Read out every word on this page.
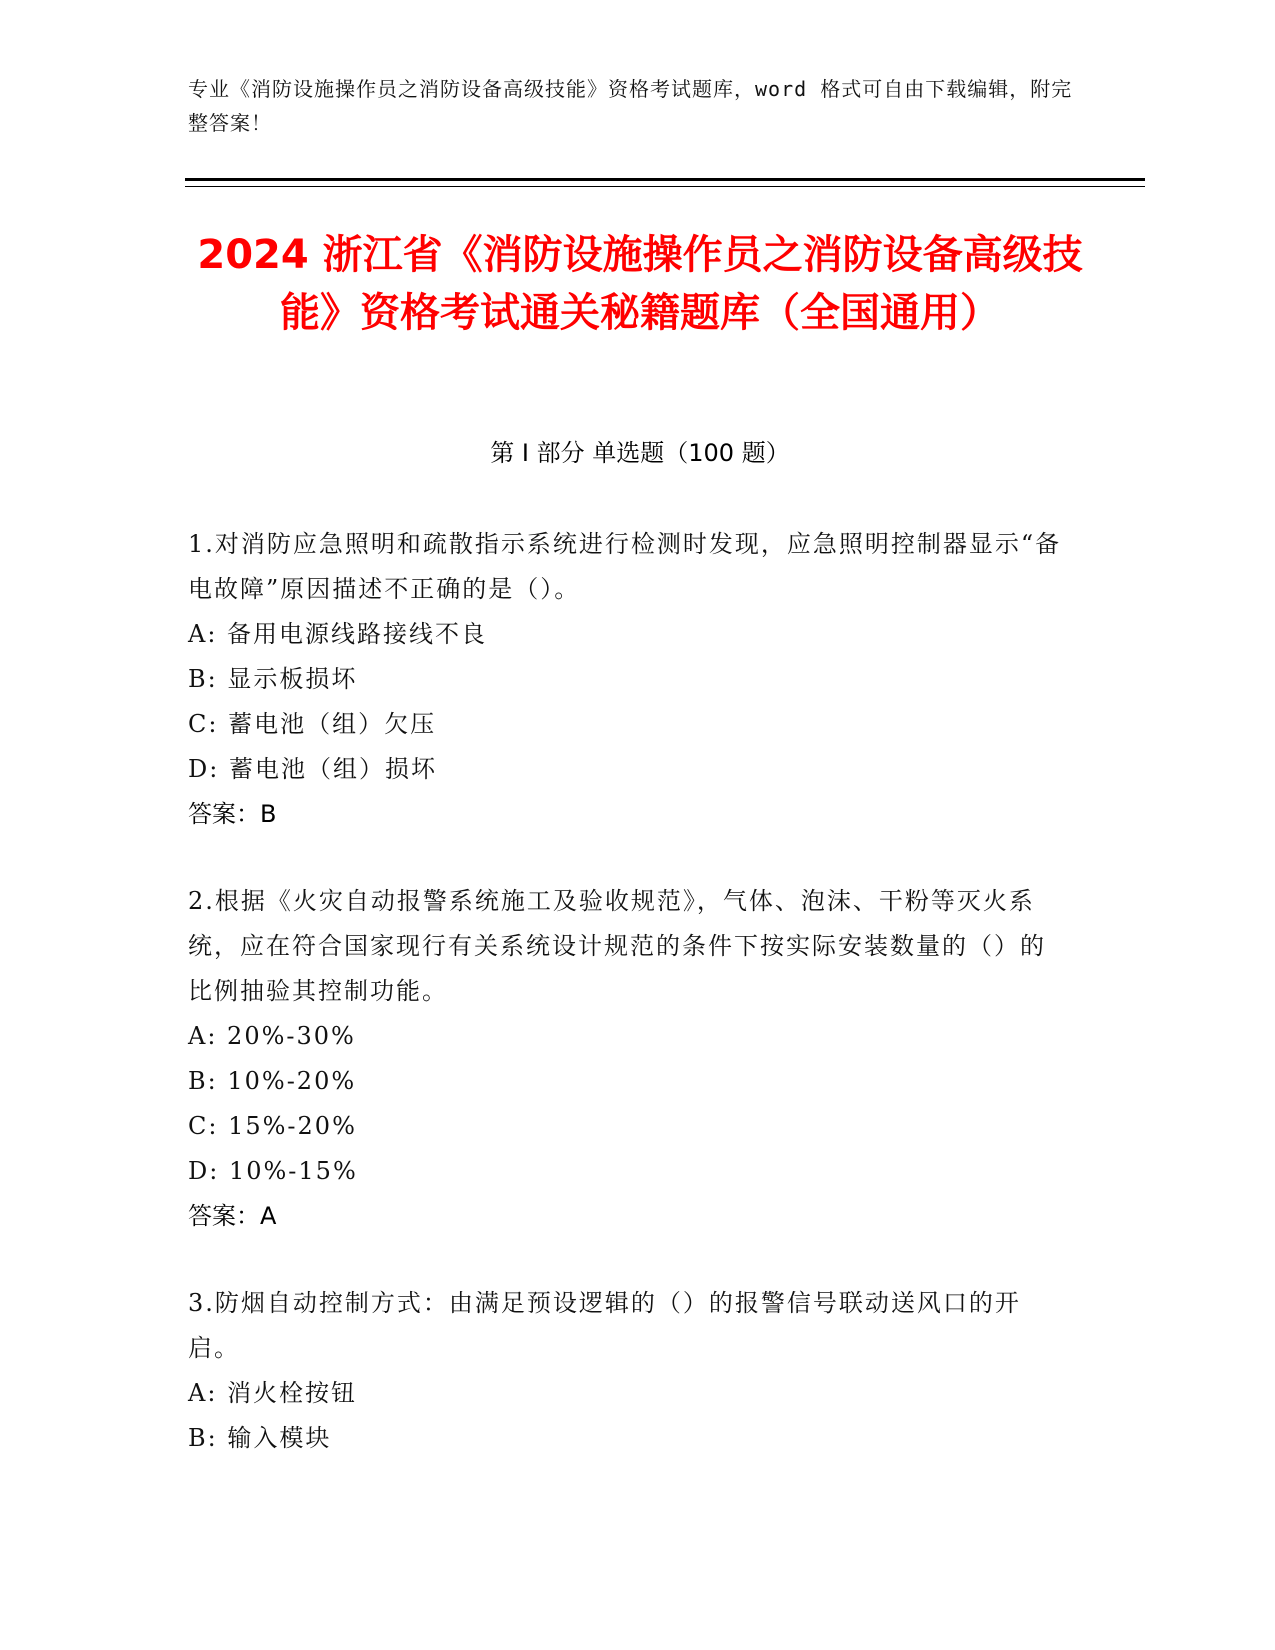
专业《消防设施操作员之消防设备高级技能》资格考试题库，word 格式可自由下载编辑，附完整答案！
2024 浙江省《消防设施操作员之消防设备高级技能》资格考试通关秘籍题库（全国通用）
第 I 部分 单选题（100 题）
1.对消防应急照明和疏散指示系统进行检测时发现，应急照明控制器显示“备电故障”原因描述不正确的是（）。
A: 备用电源线路接线不良
B: 显示板损坏
C: 蓄电池（组）欠压
D: 蓄电池（组）损坏
答案：B
2.根据《火灾自动报警系统施工及验收规范》，气体、泡沫、干粉等灭火系统，应在符合国家现行有关系统设计规范的条件下按实际安装数量的（）的比例抽验其控制功能。
A: 20%-30%
B: 10%-20%
C: 15%-20%
D: 10%-15%
答案：A
3.防烟自动控制方式：由满足预设逻辑的（）的报警信号联动送风口的开启。
A: 消火栓按钮
B: 输入模块
